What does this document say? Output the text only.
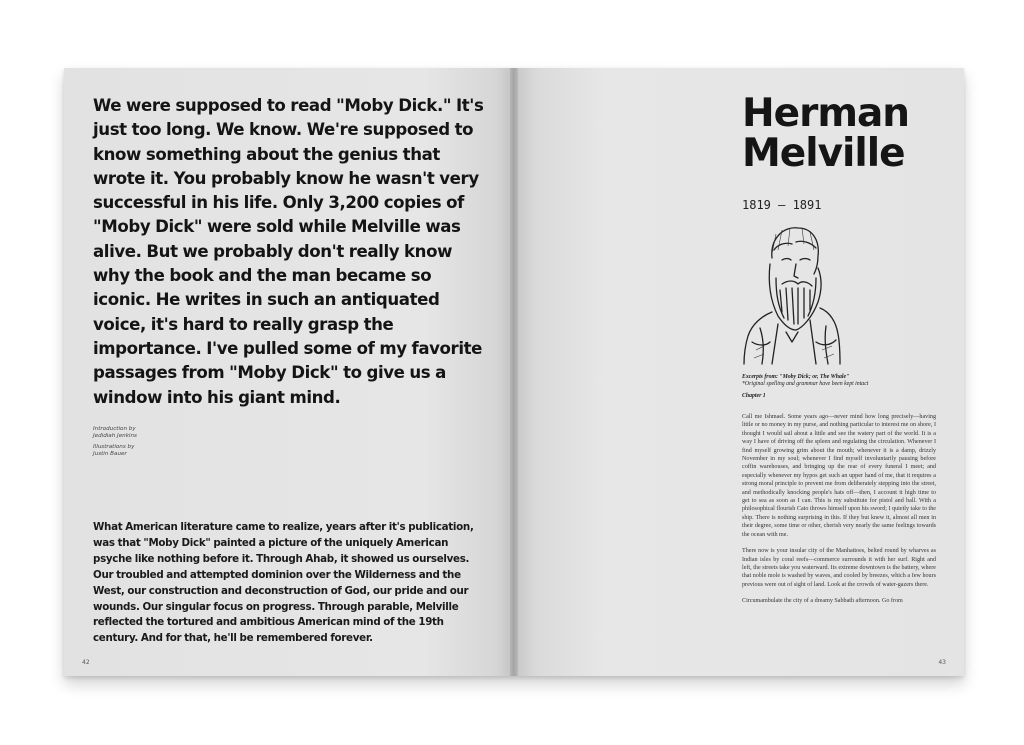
We were supposed to read "Moby Dick." It's just too long. We know. We're supposed to know something about the genius that wrote it. You probably know he wasn't very successful in his life. Only 3,200 copies of "Moby Dick" were sold while Melville was alive. But we probably don't really know why the book and the man became so iconic. He writes in such an antiquated voice, it's hard to really grasp the importance. I've pulled some of my favorite passages from "Moby Dick" to give us a window into his giant mind.

Introduction by
Jedidiah Jenkins

Illustrations by
Justin Bauer

What American literature came to realize, years after it's publication, was that "Moby Dick" painted a picture of the uniquely American psyche like nothing before it. Through Ahab, it showed us ourselves. Our troubled and attempted dominion over the Wilderness and the West, our construction and deconstruction of God, our pride and our wounds. Our singular focus on progress. Through parable, Melville reflected the tortured and ambitious American mind of the 19th century. And for that, he'll be remembered forever.

42
Herman
Melville
1819 – 1891
Excerpts from: "Moby Dick; or, The Whale"
*Original spelling and grammar have been kept intact
Chapter 1

Call me Ishmael. Some years ago—never mind how long precisely—having little or no money in my purse, and nothing particular to interest me on shore, I thought I would sail about a little and see the watery part of the world. It is a way I have of driving off the spleen and regulating the circulation. Whenever I find myself growing grim about the mouth; whenever it is a damp, drizzly November in my soul; whenever I find myself involuntarily pausing before coffin warehouses, and bringing up the rear of every funeral I meet; and especially whenever my hypos get such an upper hand of me, that it requires a strong moral principle to prevent me from deliberately stepping into the street, and methodically knocking people's hats off—then, I account it high time to get to sea as soon as I can. This is my substitute for pistol and ball. With a philosophical flourish Cato throws himself upon his sword; I quietly take to the ship. There is nothing surprising in this. If they but knew it, almost all men in their degree, some time or other, cherish very nearly the same feelings towards the ocean with me.

There now is your insular city of the Manhattoes, belted round by wharves as Indian isles by coral reefs—commerce surrounds it with her surf. Right and left, the streets take you waterward. Its extreme downtown is the battery, where that noble mole is washed by waves, and cooled by breezes, which a few hours previous were out of sight of land. Look at the crowds of water-gazers there.

Circumambulate the city of a dreamy Sabbath afternoon. Go from

43
